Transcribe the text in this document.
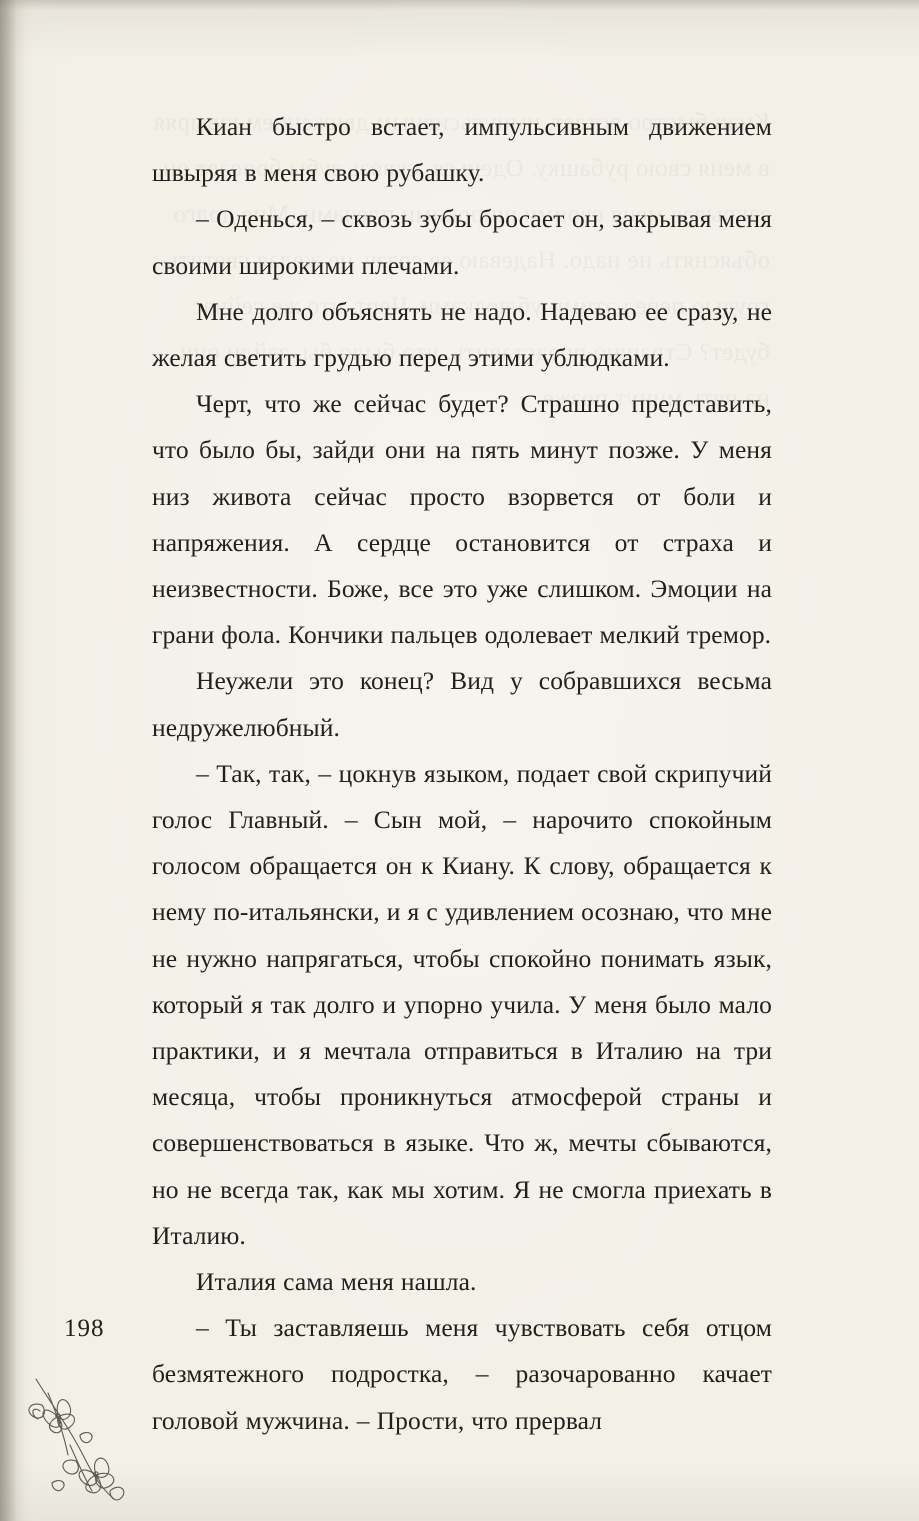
Киан быстро встает, импульсивным движением швыряя в меня свою рубашку.

– Оденься, – сквозь зубы бросает он, закрывая меня своими широкими плечами.

Мне долго объяснять не надо. Надеваю ее сразу, не желая светить грудью перед этими ублюдками.

Черт, что же сейчас будет? Страшно представить, что было бы, зайди они на пять минут позже. У меня низ живота сейчас просто взорвется от боли и напряжения. А сердце остановится от страха и неизвестности. Боже, все это уже слишком. Эмоции на грани фола. Кончики пальцев одолевает мелкий тремор.

Неужели это конец? Вид у собравшихся весьма недружелюбный.

– Так, так, – цокнув языком, подает свой скрипучий голос Главный. – Сын мой, – нарочито спокойным голосом обращается он к Киану. К слову, обращается к нему по-итальянски, и я с удивлением осознаю, что мне не нужно напрягаться, чтобы спокойно понимать язык, который я так долго и упорно учила. У меня было мало практики, и я мечтала отправиться в Италию на три месяца, чтобы проникнуться атмосферой страны и совершенствоваться в языке. Что ж, мечты сбываются, но не всегда так, как мы хотим. Я не смогла приехать в Италию.

Италия сама меня нашла.

– Ты заставляешь меня чувствовать себя отцом безмятежного подростка, – разочарованно качает головой мужчина. – Прости, что прервал

198
